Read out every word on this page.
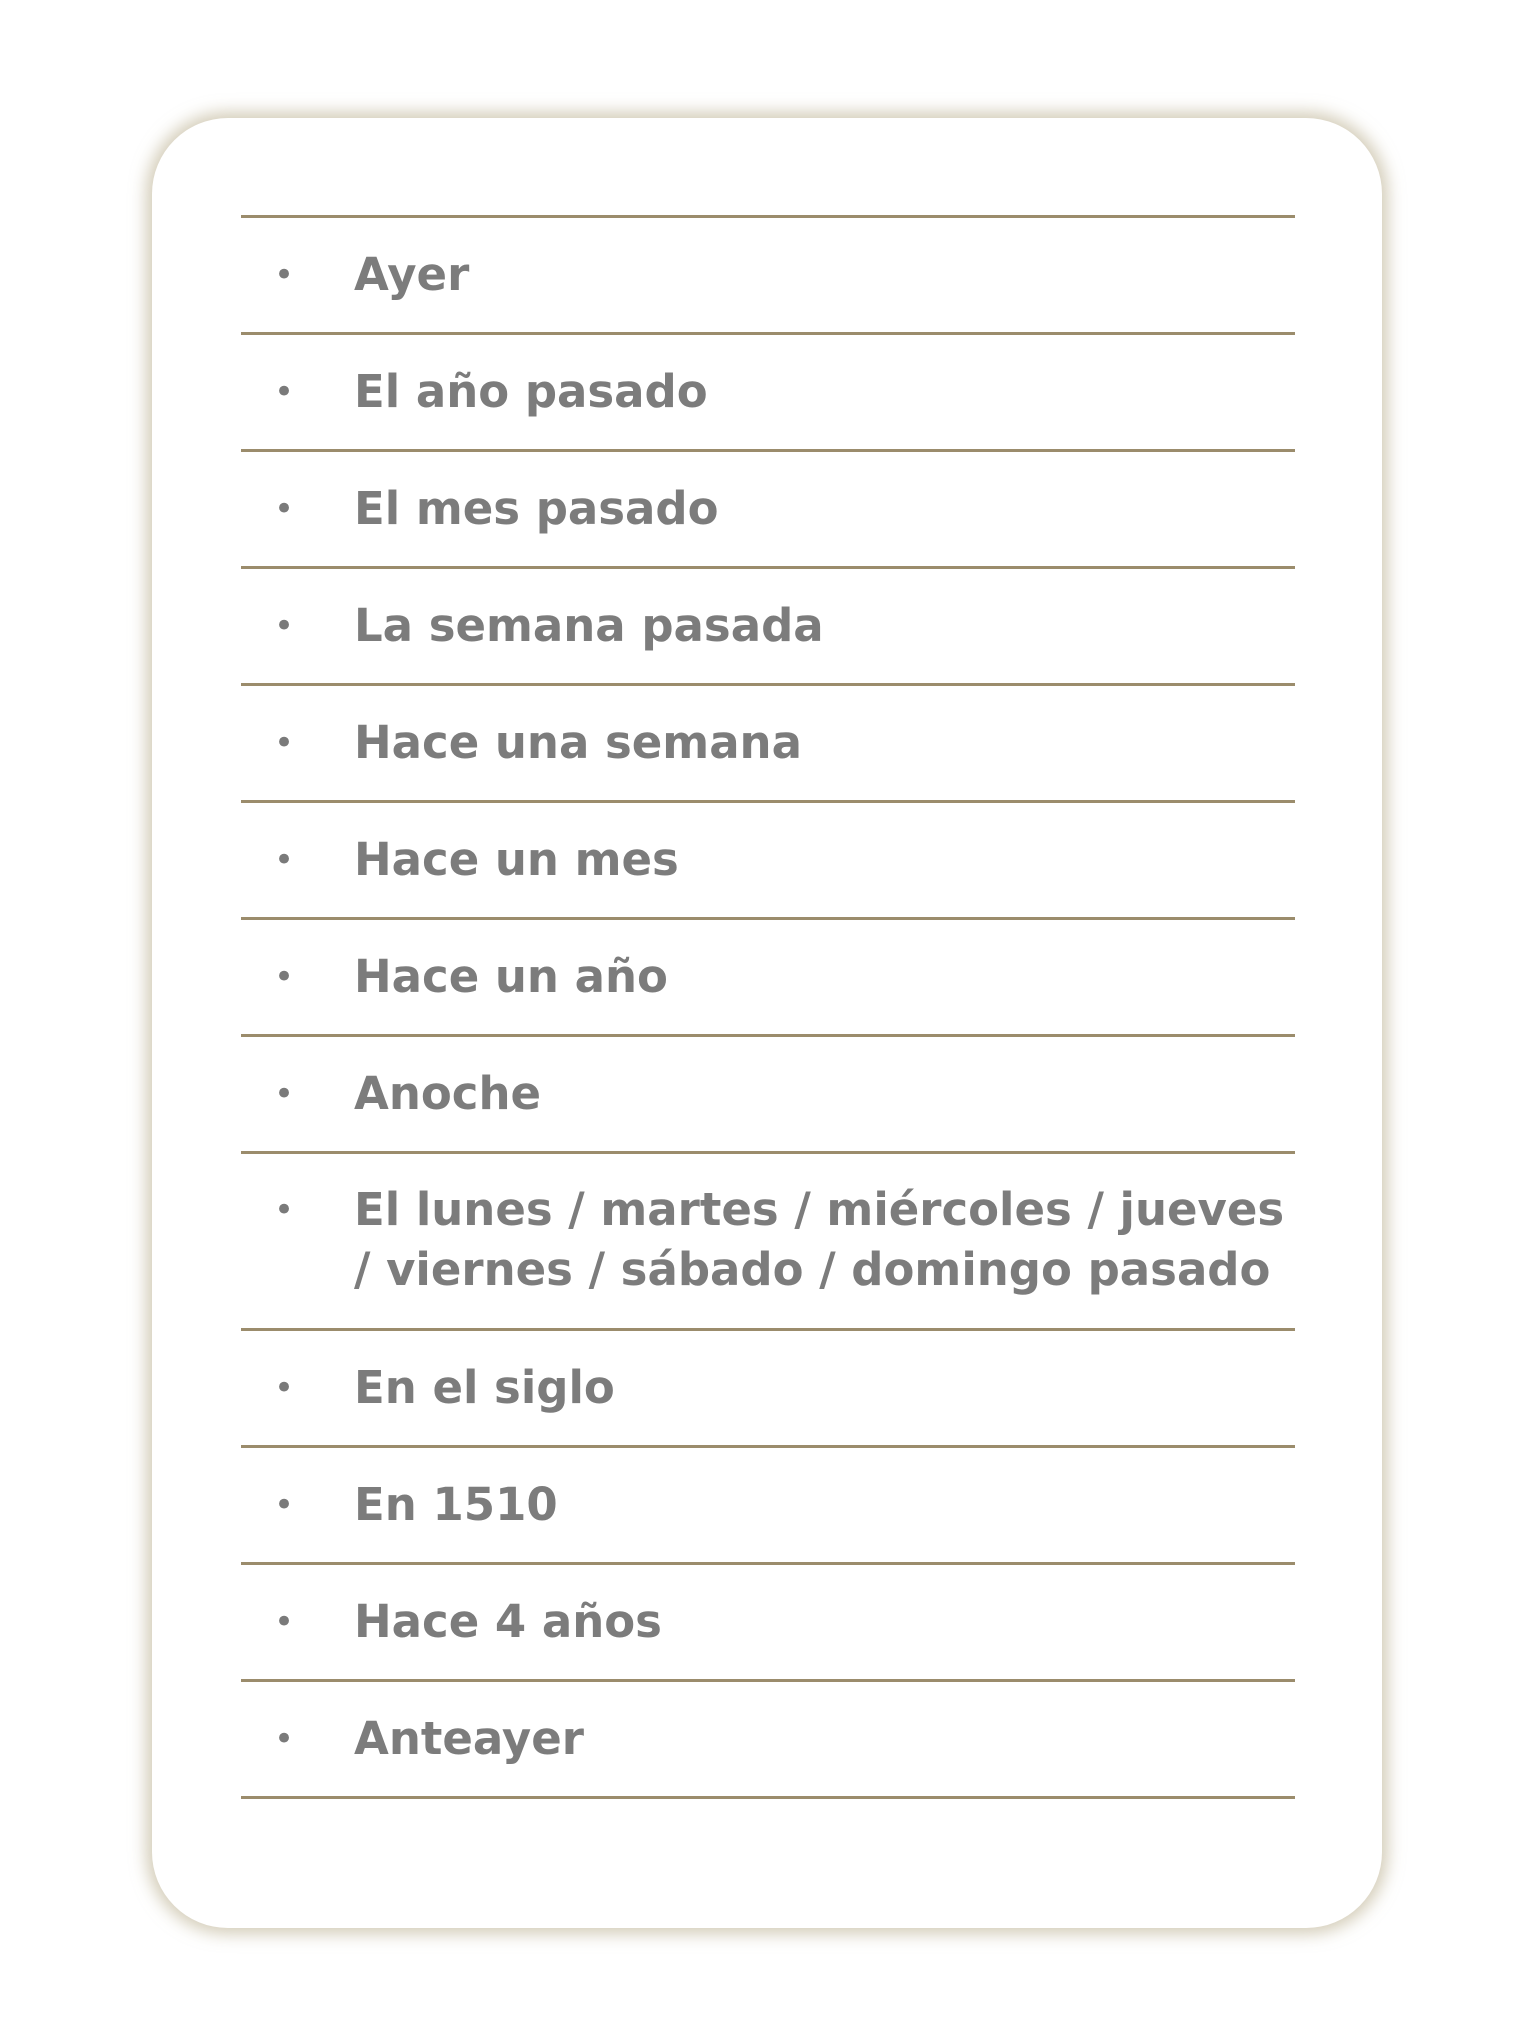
•	Ayer
•	El año pasado
•	El mes pasado
•	La semana pasada
•	Hace una semana
•	Hace un mes
•	Hace un año
•	Anoche
•	El lunes / martes / miércoles / jueves
/ viernes / sábado / domingo pasado
•	En el siglo
•	En 1510
•	Hace 4 años
•	Anteayer
